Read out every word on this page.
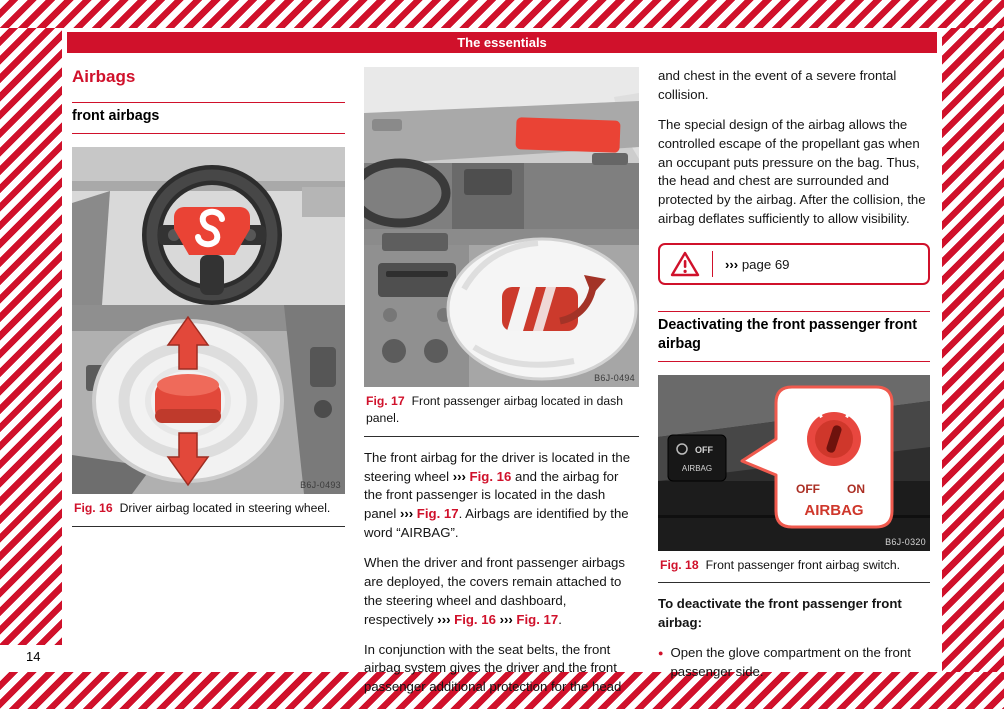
14
The essentials
Airbags
front airbags
B6J-0493
Fig. 16 Driver airbag located in steering wheel.
B6J-0494
Fig. 17 Front passenger airbag located in dash panel.

The front airbag for the driver is located in the steering wheel ››› Fig. 16 and the airbag for the front passenger is located in the dash panel ››› Fig. 17. Airbags are identified by the word “AIRBAG”.

When the driver and front passenger airbags are deployed, the covers remain attached to the steering wheel and dashboard, respectively ››› Fig. 16 ››› Fig. 17.

In conjunction with the seat belts, the front airbag system gives the driver and the front passenger additional protection for the head

and chest in the event of a severe frontal collision.

The special design of the airbag allows the controlled escape of the propellant gas when an occupant puts pressure on the bag. Thus, the head and chest are surrounded and protected by the airbag. After the collision, the airbag deflates sufficiently to allow visibility.

››› page 69
Deactivating the front passenger front airbag
OFF
AIRBAG
OFF ON
AIRBAG
B6J-0320
Fig. 18 Front passenger front airbag switch.
To deactivate the front passenger front airbag:
● Open the glove compartment on the front passenger side.
